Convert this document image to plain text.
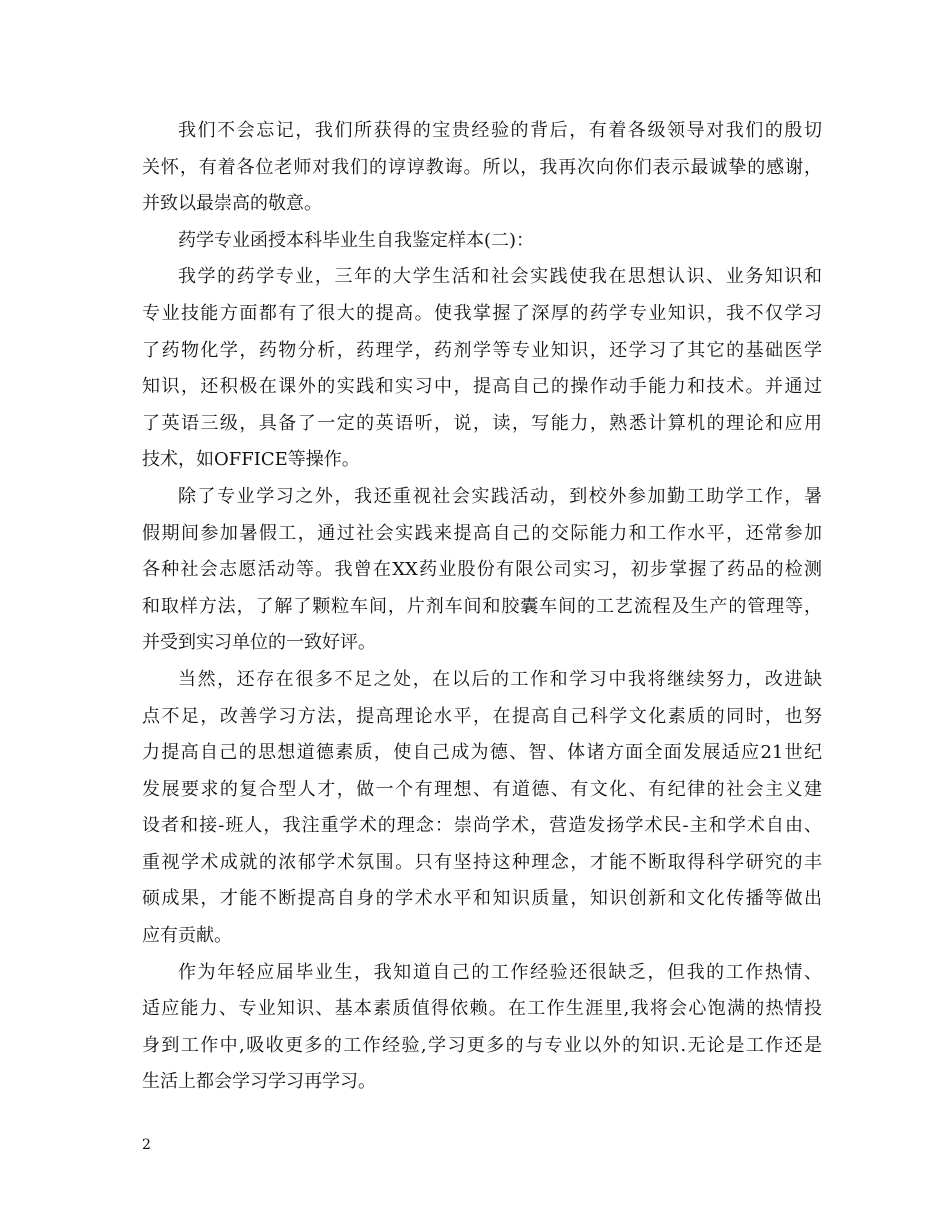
我们不会忘记，我们所获得的宝贵经验的背后，有着各级领导对我们的殷切
关怀，有着各位老师对我们的谆谆教诲。所以，我再次向你们表示最诚挚的感谢，
并致以最崇高的敬意。
药学专业函授本科毕业生自我鉴定样本(二)：
我学的药学专业，三年的大学生活和社会实践使我在思想认识、业务知识和
专业技能方面都有了很大的提高。使我掌握了深厚的药学专业知识，我不仅学习
了药物化学，药物分析，药理学，药剂学等专业知识，还学习了其它的基础医学
知识，还积极在课外的实践和实习中，提高自己的操作动手能力和技术。并通过
了英语三级，具备了一定的英语听，说，读，写能力，熟悉计算机的理论和应用
技术，如OFFICE等操作。
除了专业学习之外，我还重视社会实践活动，到校外参加勤工助学工作，暑
假期间参加暑假工，通过社会实践来提高自己的交际能力和工作水平，还常参加
各种社会志愿活动等。我曾在XX药业股份有限公司实习，初步掌握了药品的检测
和取样方法，了解了颗粒车间，片剂车间和胶囊车间的工艺流程及生产的管理等，
并受到实习单位的一致好评。
当然，还存在很多不足之处，在以后的工作和学习中我将继续努力，改进缺
点不足，改善学习方法，提高理论水平，在提高自己科学文化素质的同时，也努
力提高自己的思想道德素质，使自己成为德、智、体诸方面全面发展适应21世纪
发展要求的复合型人才，做一个有理想、有道德、有文化、有纪律的社会主义建
设者和接-班人，我注重学术的理念：崇尚学术，营造发扬学术民-主和学术自由、
重视学术成就的浓郁学术氛围。只有坚持这种理念，才能不断取得科学研究的丰
硕成果，才能不断提高自身的学术水平和知识质量，知识创新和文化传播等做出
应有贡献。
作为年轻应届毕业生，我知道自己的工作经验还很缺乏，但我的工作热情、
适应能力、专业知识、基本素质值得依赖。在工作生涯里,我将会心饱满的热情投
身到工作中,吸收更多的工作经验,学习更多的与专业以外的知识.无论是工作还是
生活上都会学习学习再学习。
2
